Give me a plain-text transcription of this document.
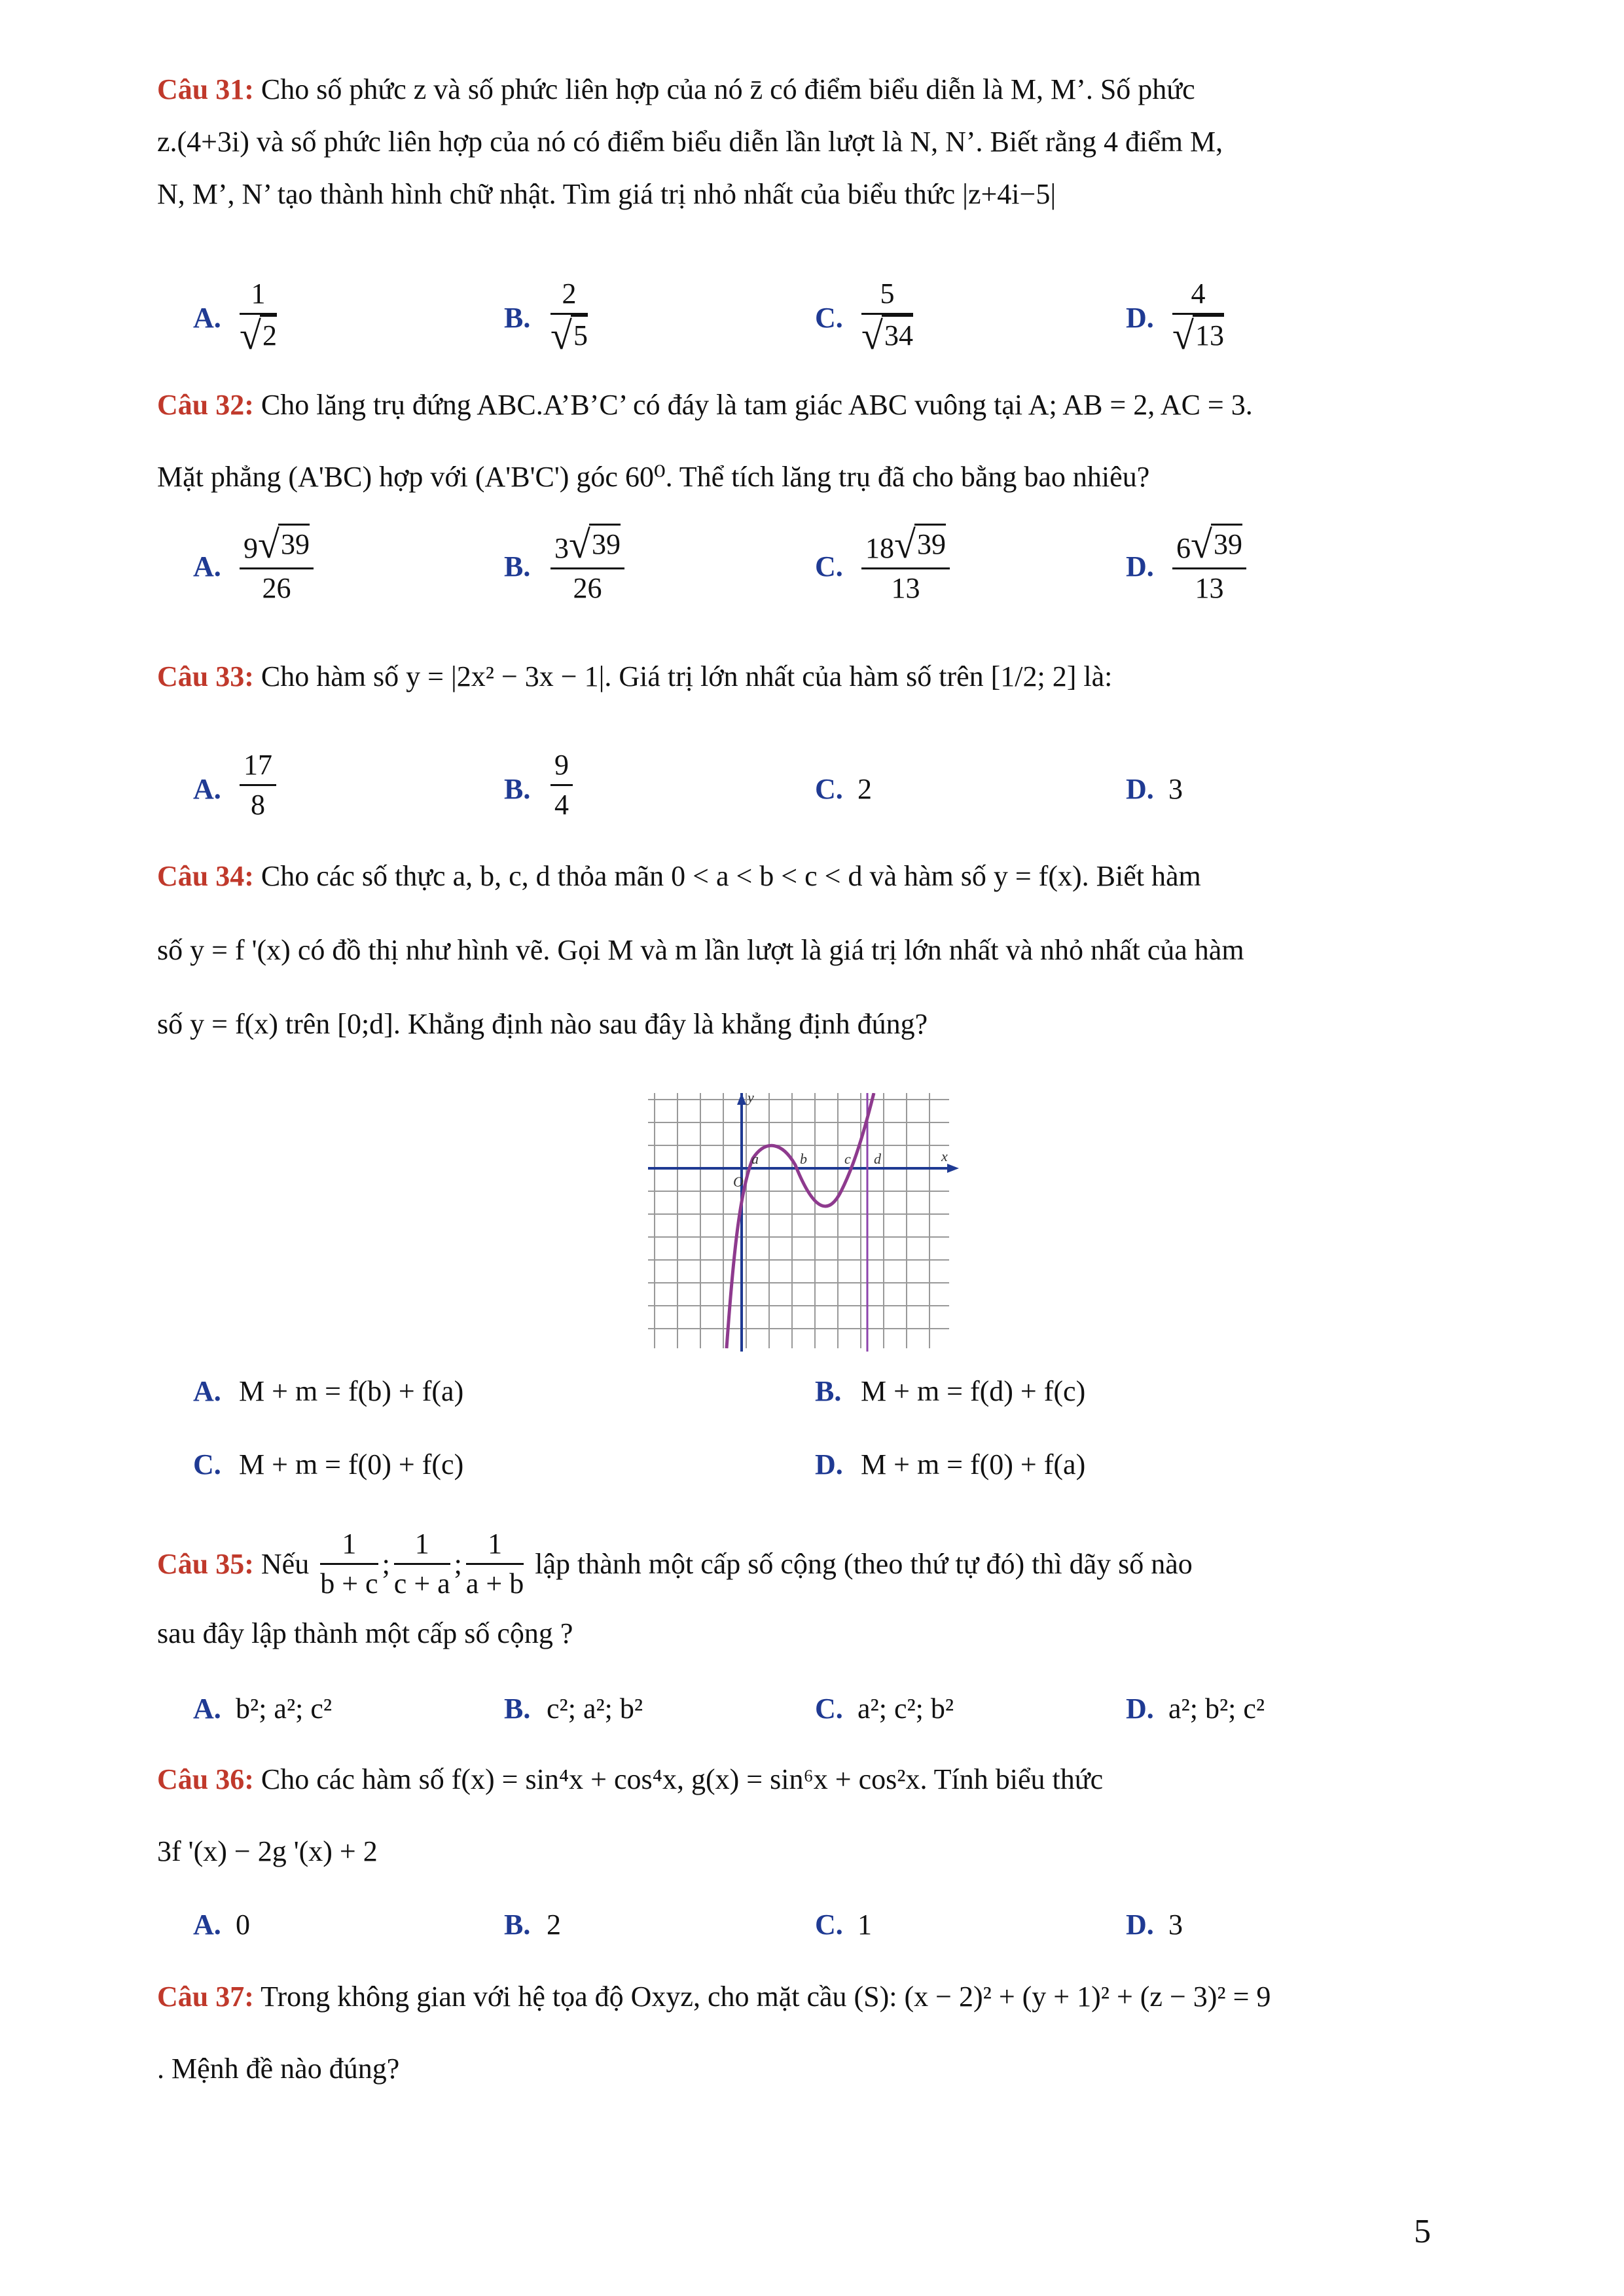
Câu 31: Cho số phức z và số phức liên hợp của nó z̄ có điểm biểu diễn là M, M’. Số phức
z.(4+3i) và số phức liên hợp của nó có điểm biểu diễn lần lượt là N, N’. Biết rằng 4 điểm M,
N, M’, N’ tạo thành hình chữ nhật. Tìm giá trị nhỏ nhất của biểu thức |z+4i−5|
A. $\frac{1}{√ 2}$	B. $\frac{2}{√ 5}$	C. $\frac{5}{√ 34}$	D. $\frac{4}{√ 13}$
Câu 32: Cho lăng trụ đứng ABC.A’B’C’ có đáy là tam giác ABC vuông tại A; AB = 2, AC = 3.
Mặt phẳng (A'BC) hợp với (A'B'C') góc 60⁰. Thể tích lăng trụ đã cho bằng bao nhiêu?
A. $\frac{9 √ 39}{26}$	B. $\frac{3 √ 39}{26}$	C. $\frac{18 √ 39}{13}$	D. $\frac{6 √ 39}{13}$
Câu 33: Cho hàm số y = |2x² − 3x − 1|. Giá trị lớn nhất của hàm số trên [1/2; 2] là:
A. $\frac{17}{8}$	B. $\frac{9}{4}$	C. 2	D. 3
Câu 34: Cho các số thực a, b, c, d thỏa mãn 0 < a < b < c < d và hàm số y = f(x). Biết hàm
số y = f '(x) có đồ thị như hình vẽ. Gọi M và m lần lượt là giá trị lớn nhất và nhỏ nhất của hàm
số y = f(x) trên [0;d]. Khẳng định nào sau đây là khẳng định đúng?
y
x
O
a	b	c d
A. M + m = f(b) + f(a)	B. M + m = f(d) + f(c)
C. M + m = f(0) + f(c)	D. M + m = f(0) + f(a)
Câu 35:
Nếu
$\frac{1}{b + c}$ ; $\frac{1}{c + a}$ ; $\frac{1}{a + b}$
lập thành một cấp số cộng (theo thứ tự đó) thì dãy số nào
sau đây lập thành một cấp số cộng ?
A. b²; a²; c²	B. c²; a²; b²	C. a²; c²; b²	D. a²; b²; c²
Câu 36: Cho các hàm số f(x) = sin⁴x + cos⁴x, g(x) = sin⁶x + cos²x. Tính biểu thức
3f '(x) − 2g '(x) + 2
A. 0	B. 2	C. 1	D. 3
Câu 37: Trong không gian với hệ tọa độ Oxyz, cho mặt cầu (S): (x − 2)² + (y + 1)² + (z − 3)² = 9
. Mệnh đề nào đúng?
5
